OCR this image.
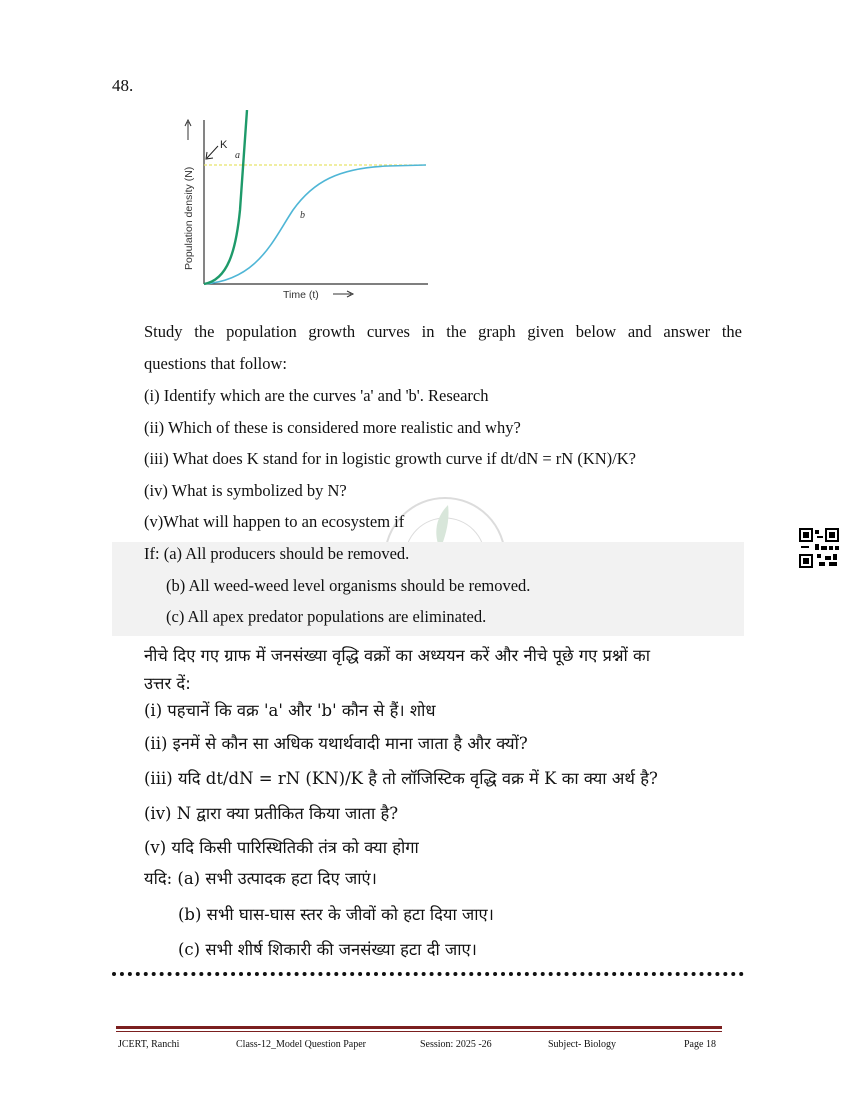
48.
Population density (N)
Time (t)
K
a
b
Study the population growth curves in the graph given below and answer the
questions that follow:
(i) Identify which are the curves 'a' and 'b'. Research
(ii) Which of these is considered more realistic and why?
(iii) What does K stand for in logistic growth curve if dt/dN = rN (KN)/K?
(iv) What is symbolized by N?
(v)What will happen to an ecosystem if
If: (a) All producers should be removed.
(b) All weed-weed level organisms should be removed.
(c) All apex predator populations are eliminated.
नीचे दिए गए ग्राफ में जनसंख्या वृद्धि वक्रों का अध्ययन करें और नीचे पूछे गए प्रश्नों का
उत्तर दें:
(i) पहचानें कि वक्र 'a' और 'b' कौन से हैं। शोध
(ii) इनमें से कौन सा अधिक यथार्थवादी माना जाता है और क्यों?
(iii) यदि dt/dN = rN (KN)/K है तो लॉजिस्टिक वृद्धि वक्र में K का क्या अर्थ है?
(iv) N द्वारा क्या प्रतीकित किया जाता है?
(v) यदि किसी पारिस्थितिकी तंत्र को क्या होगा
यदि: (a) सभी उत्पादक हटा दिए जाएं।
(b) सभी घास-घास स्तर के जीवों को हटा दिया जाए।
(c) सभी शीर्ष शिकारी की जनसंख्या हटा दी जाए।
JCERT, Ranchi	Class-12_Model Question Paper	Session: 2025 -26	Subject- Biology	Page 18
